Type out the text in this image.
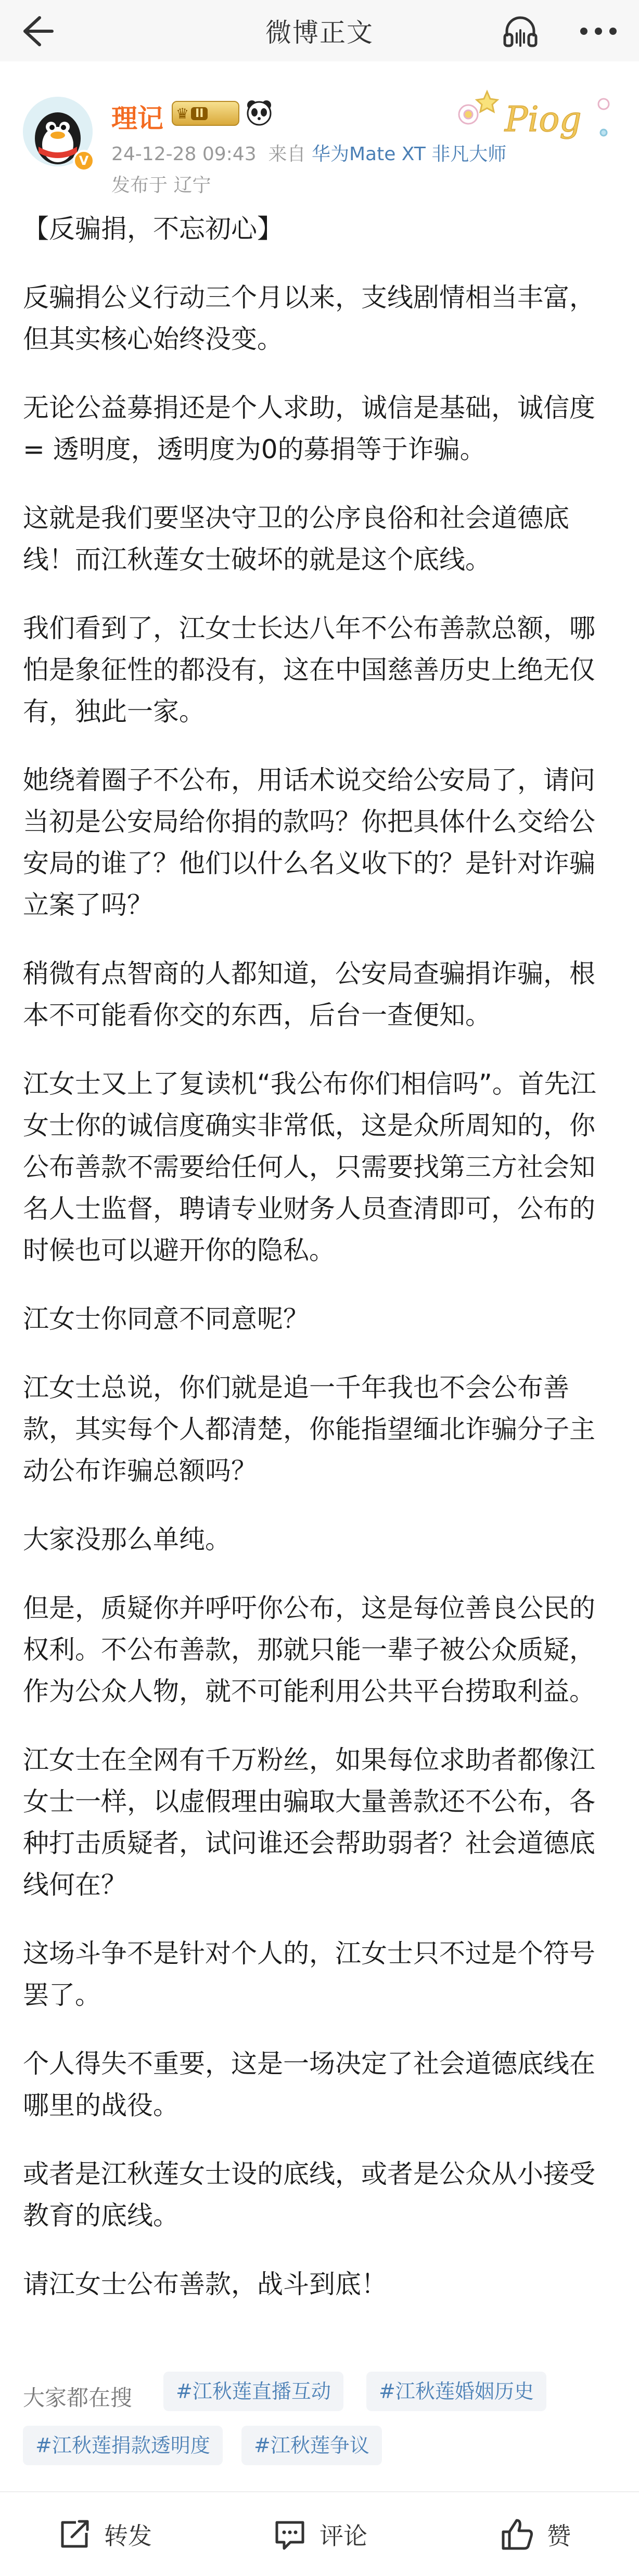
微博正文
V
理记 ♛ II
24-12-28 09:43 来自 华为Mate XT 非凡大师
发布于 辽宁
Piog

【反骗捐，不忘初心】

反骗捐公义行动三个月以来，支线剧情相当丰富，但其实核心始终没变。

无论公益募捐还是个人求助，诚信是基础，诚信度 = 透明度，透明度为0的募捐等于诈骗。

这就是我们要坚决守卫的公序良俗和社会道德底线！而江秋莲女士破坏的就是这个底线。

我们看到了，江女士长达八年不公布善款总额，哪怕是象征性的都没有，这在中国慈善历史上绝无仅有，独此一家。

她绕着圈子不公布，用话术说交给公安局了，请问当初是公安局给你捐的款吗？你把具体什么交给公安局的谁了？他们以什么名义收下的？是针对诈骗立案了吗？

稍微有点智商的人都知道，公安局查骗捐诈骗，根本不可能看你交的东西，后台一查便知。

江女士又上了复读机“我公布你们相信吗”。首先江女士你的诚信度确实非常低，这是众所周知的，你公布善款不需要给任何人，只需要找第三方社会知名人士监督，聘请专业财务人员查清即可，公布的时候也可以避开你的隐私。

江女士你同意不同意呢？

江女士总说，你们就是追一千年我也不会公布善款，其实每个人都清楚，你能指望缅北诈骗分子主动公布诈骗总额吗？

大家没那么单纯。

但是，质疑你并呼吁你公布，这是每位善良公民的权利。不公布善款，那就只能一辈子被公众质疑，作为公众人物，就不可能利用公共平台捞取利益。

江女士在全网有千万粉丝，如果每位求助者都像江女士一样，以虚假理由骗取大量善款还不公布，各种打击质疑者，试问谁还会帮助弱者？社会道德底线何在？

这场斗争不是针对个人的，江女士只不过是个符号罢了。

个人得失不重要，这是一场决定了社会道德底线在哪里的战役。

或者是江秋莲女士设的底线，或者是公众从小接受教育的底线。

请江女士公布善款，战斗到底！

大家都在搜	#江秋莲直播互动	#江秋莲婚姻历史
#江秋莲捐款透明度	#江秋莲争议
转发	评论	赞
